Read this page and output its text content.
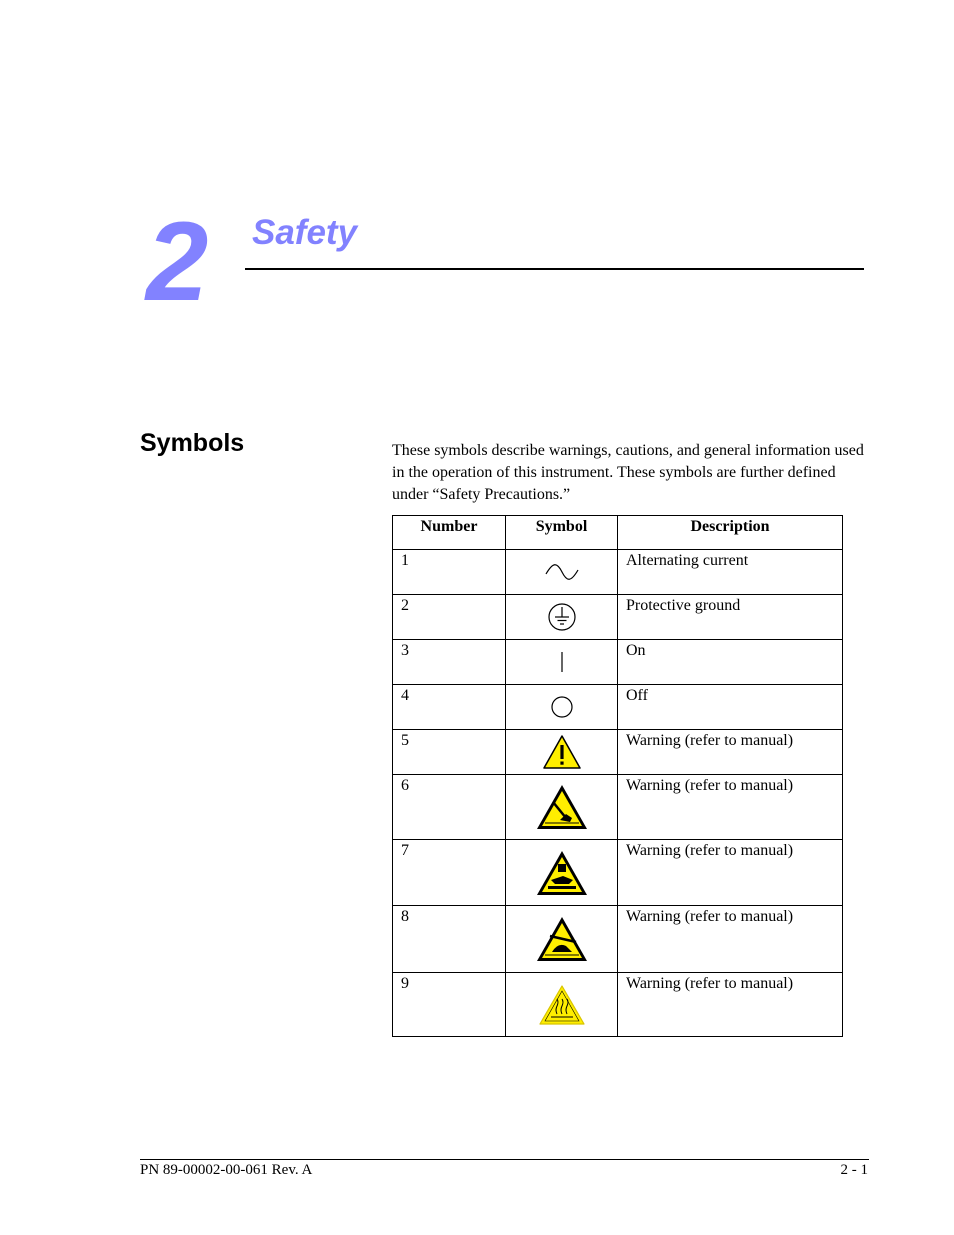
2 Safety
Symbols	These symbols describe warnings, cautions, and general information used in the operation of this instrument. These symbols are further defined under “Safety Precautions.”

Number	Symbol	Description
1		Alternating current
2		Protective ground
3		On
4		Off
5		Warning (refer to manual)
6		Warning (refer to manual)
7		Warning (refer to manual)
8		Warning (refer to manual)
9		Warning (refer to manual)
PN 89-00002-00-061 Rev. A	2 - 1
